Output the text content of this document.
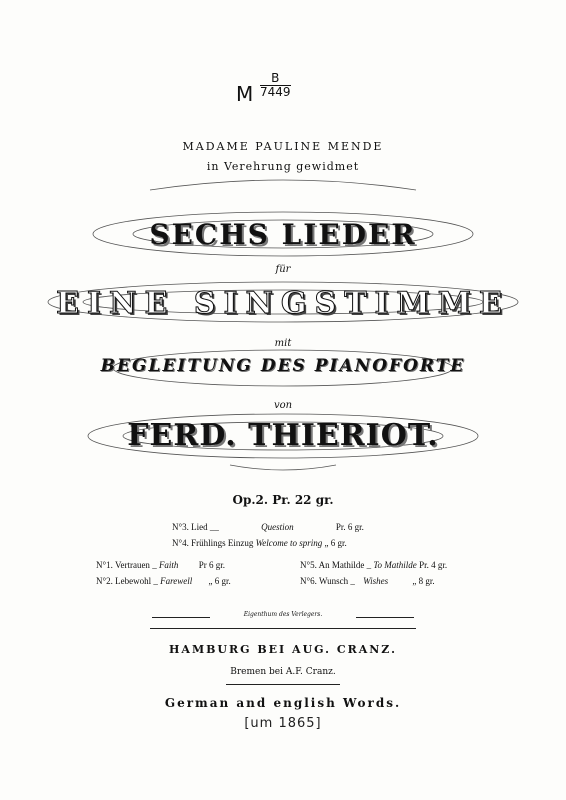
M $\frac{B}{7449}$
MADAME PAULINE MENDE
in Verehrung gewidmet
SECHS LIEDER
für
EINE SINGSTIMME
mit
BEGLEITUNG DES PIANOFORTE
von
FERD. THIERIOT.
Op.2. Pr. 22 gr.
N°3. Lied __	Question	Pr. 6 gr.
N°4. Frühlings Einzug Welcome to spring „ 6 gr.
N°1. Vertrauen _ Faith Pr 6 gr.	N°5. An Mathilde _ To Mathilde Pr. 4 gr.
N°2. Lebewohl _ Farewell „ 6 gr.	N°6. Wunsch _ Wishes	„ 8 gr.
Eigenthum des Verlegers.
HAMBURG BEI AUG. CRANZ.
Bremen bei A.F. Cranz.
German and english Words.
[um 1865]
